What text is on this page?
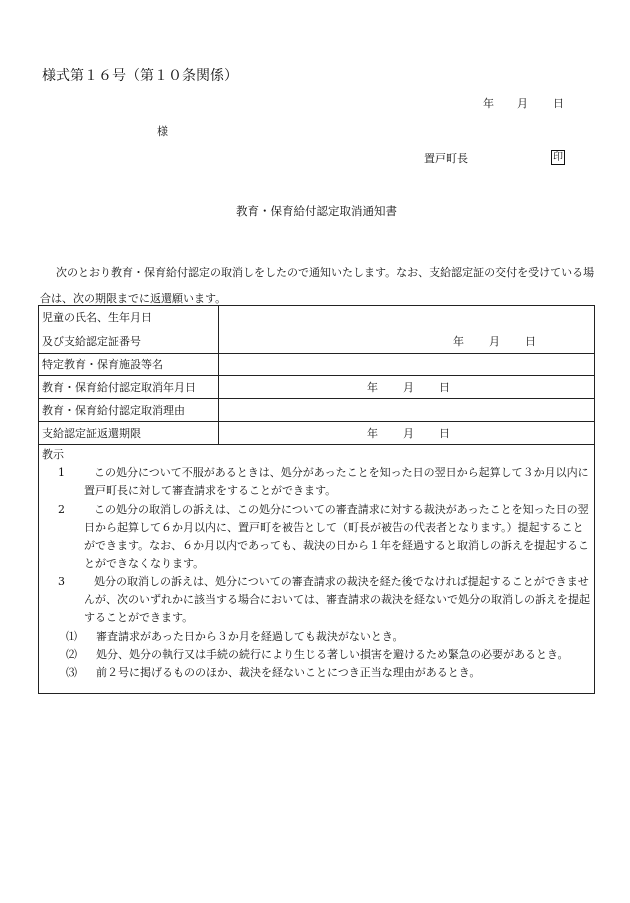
様式第１６号（第１０条関係）
年 月 日
様
置戸町長	印
教育・保育給付認定取消通知書
次のとおり教育・保育給付認定の取消しをしたので通知いたします。なお、支給認定証の交付を受けている場合は、次の期限までに返還願います。
児童の氏名、生年月日
及び支給認定証番号	年 月 日
特定教育・保育施設等名
教育・保育給付認定取消年月日	年 月 日
教育・保育給付認定取消理由
支給認定証返還期限	年 月 日
教示
1	この処分について不服があるときは、処分があったことを知った日の翌日から起算して３か月以内に置戸町長に対して審査請求をすることができます。
2	この処分の取消しの訴えは、この処分についての審査請求に対する裁決があったことを知った日の翌日から起算して６か月以内に、置戸町を被告として（町長が被告の代表者となります。）提起することができます。なお、６か月以内であっても、裁決の日から１年を経過すると取消しの訴えを提起することができなくなります。
3	処分の取消しの訴えは、処分についての審査請求の裁決を経た後でなければ提起することができませんが、次のいずれかに該当する場合においては、審査請求の裁決を経ないで処分の取消しの訴えを提起することができます。
⑴ 審査請求があった日から３か月を経過しても裁決がないとき。
⑵ 処分、処分の執行又は手続の続行により生じる著しい損害を避けるため緊急の必要があるとき。
⑶ 前２号に掲げるもののほか、裁決を経ないことにつき正当な理由があるとき。
